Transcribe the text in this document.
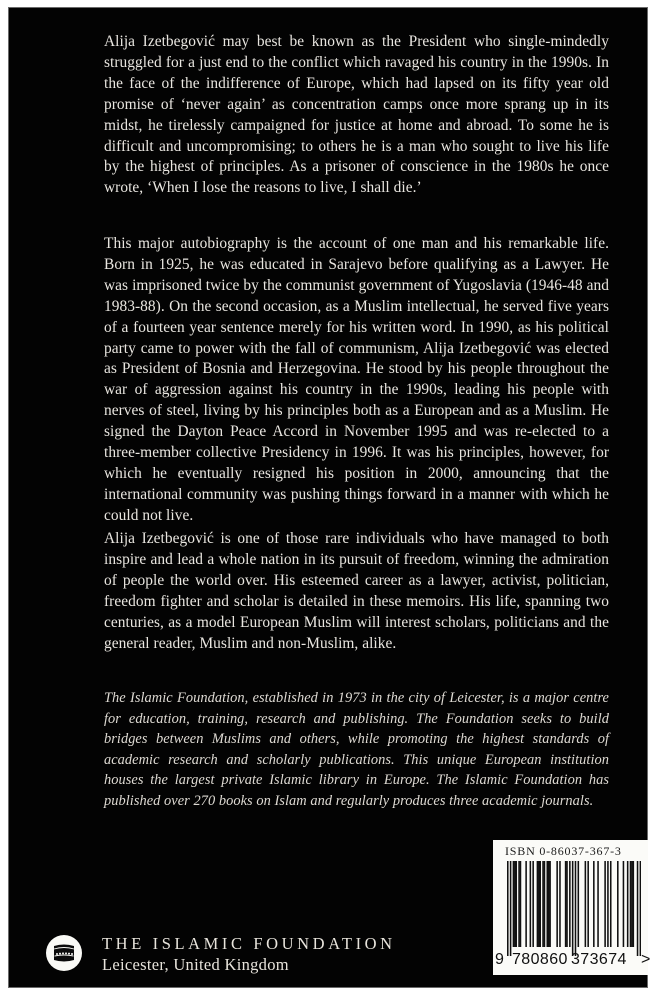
Alija Izetbegović may best be known as the President who single-mindedly struggled for a just end to the conflict which ravaged his country in the 1990s. In the face of the indifference of Europe, which had lapsed on its fifty year old promise of ‘never again’ as concentration camps once more sprang up in its midst, he tirelessly campaigned for justice at home and abroad. To some he is difficult and uncompromising; to others he is a man who sought to live his life by the highest of principles. As a prisoner of conscience in the 1980s he once wrote, ‘When I lose the reasons to live, I shall die.’

This major autobiography is the account of one man and his remarkable life. Born in 1925, he was educated in Sarajevo before qualifying as a Lawyer. He was imprisoned twice by the communist government of Yugoslavia (1946-48 and 1983-88). On the second occasion, as a Muslim intellectual, he served five years of a fourteen year sentence merely for his written word. In 1990, as his political party came to power with the fall of communism, Alija Izetbegović was elected as President of Bosnia and Herzegovina. He stood by his people throughout the war of aggression against his country in the 1990s, leading his people with nerves of steel, living by his principles both as a European and as a Muslim. He signed the Dayton Peace Accord in November 1995 and was re-elected to a three-member collective Presidency in 1996. It was his principles, however, for which he eventually resigned his position in 2000, announcing that the international community was pushing things forward in a manner with which he could not live.

Alija Izetbegović is one of those rare individuals who have managed to both inspire and lead a whole nation in its pursuit of freedom, winning the admiration of people the world over. His esteemed career as a lawyer, activist, politician, freedom fighter and scholar is detailed in these memoirs. His life, spanning two centuries, as a model European Muslim will interest scholars, politicians and the general reader, Muslim and non-Muslim, alike.

The Islamic Foundation, established in 1973 in the city of Leicester, is a major centre for education, training, research and publishing. The Foundation seeks to build bridges between Muslims and others, while promoting the highest standards of academic research and scholarly publications. This unique European institution houses the largest private Islamic library in Europe. The Islamic Foundation has published over 270 books on Islam and regularly produces three academic journals.

THE ISLAMIC FOUNDATION
Leicester, United Kingdom
ISBN 0-86037-367-3
9 780860 373674 >
